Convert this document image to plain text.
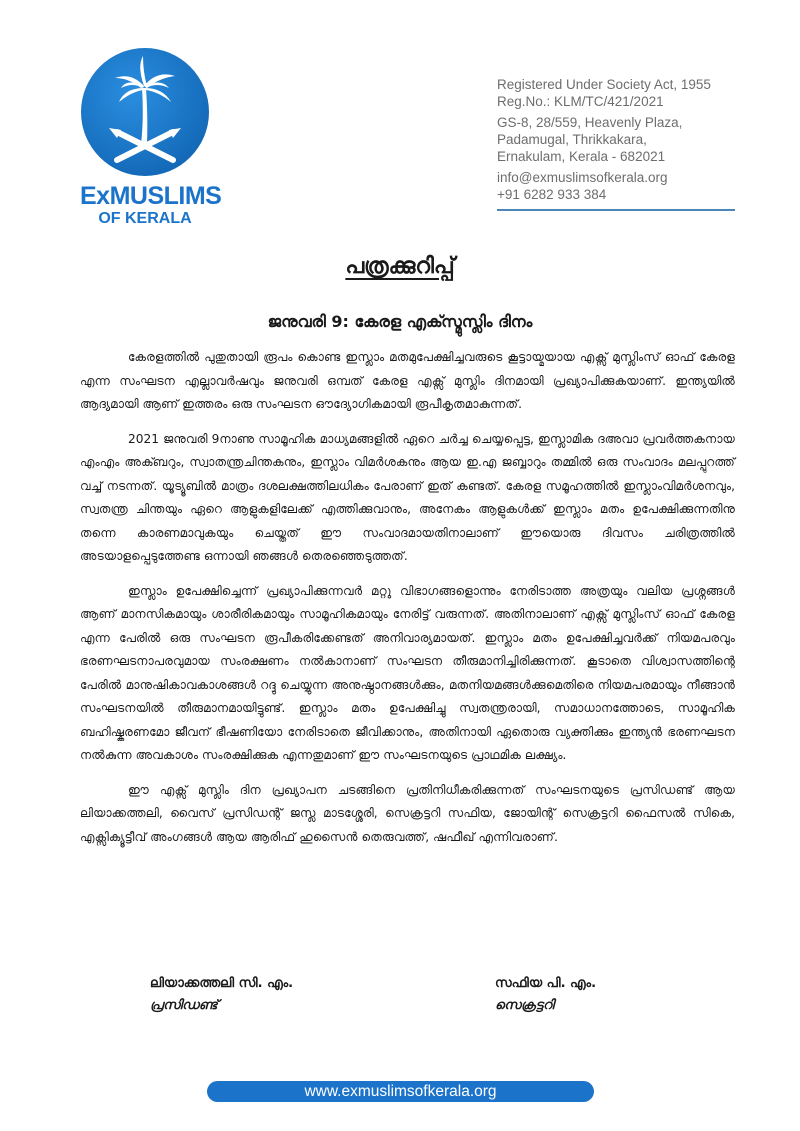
ExMUSLIMS
OF KERALA
Registered Under Society Act, 1955
Reg.No.: KLM/TC/421/2021
GS-8, 28/559, Heavenly Plaza,
Padamugal, Thrikkakara,
Ernakulam, Kerala - 682021
info@exmuslimsofkerala.org
+91 6282 933 384
പത്രക്കുറിപ്പ്
ജനുവരി 9: കേരള എക്സ്മുസ്ലിം ദിനം

കേരളത്തിൽ പുതുതായി രൂപം കൊണ്ട ഇസ്ലാം മതമുപേക്ഷിച്ചവരുടെ കൂട്ടായ്മയായ എക്സ് മുസ്ലിംസ് ഓഫ് കേരള എന്ന സംഘടന എല്ലാവർഷവും ജനുവരി ഒമ്പത് കേരള എക്സ് മുസ്ലിം ദിനമായി പ്രഖ്യാപിക്കുകയാണ്. ഇന്ത്യയിൽ ആദ്യമായി ആണ് ഇത്തരം ഒരു സംഘടന ഔദ്യോഗികമായി രൂപീകൃതമാകുന്നത്.

2021 ജനുവരി 9നാണു സാമൂഹിക മാധ്യമങ്ങളിൽ ഏറെ ചർച്ച ചെയ്യപ്പെട്ട, ഇസ്ലാമിക ദഅവാ പ്രവർത്തകനായ എംഎം അക്ബറും, സ്വാതന്ത്രചിന്തകനും, ഇസ്ലാം വിമർശകനും ആയ ഇ.എ ജബ്ബാറും തമ്മിൽ ഒരു സംവാദം മലപ്പുറത്ത് വച്ച് നടന്നത്. യൂട്യൂബിൽ മാത്രം ദശലക്ഷത്തിലധികം പേരാണ് ഇത് കണ്ടത്. കേരള സമൂഹത്തിൽ ഇസ്ലാംവിമർശനവും, സ്വതന്ത്ര ചിന്തയും ഏറെ ആളുകളിലേക്ക് എത്തിക്കുവാനും, അനേകം ആളുകൾക്ക് ഇസ്ലാം മതം ഉപേക്ഷിക്കുന്നതിനു തന്നെ കാരണമാവുകയും ചെയ്തത് ഈ സംവാദമായതിനാലാണ് ഈയൊരു ദിവസം ചരിത്രത്തിൽ അടയാളപ്പെടുത്തേണ്ട ഒന്നായി ഞങ്ങൾ തെരഞ്ഞെടുത്തത്.

ഇസ്ലാം ഉപേക്ഷിച്ചെന്ന് പ്രഖ്യാപിക്കുന്നവർ മറ്റു വിഭാഗങ്ങളൊന്നും നേരിടാത്ത അത്രയും വലിയ പ്രശ്നങ്ങൾ ആണ് മാനസികമായും ശാരീരികമായും സാമൂഹികമായും നേരിട്ട് വരുന്നത്. അതിനാലാണ് എക്സ് മുസ്ലിംസ് ഓഫ് കേരള എന്ന പേരിൽ ഒരു സംഘടന രൂപീകരിക്കേണ്ടത് അനിവാര്യമായത്. ഇസ്ലാം മതം ഉപേക്ഷിച്ചവർക്ക് നിയമപരവും ഭരണഘടനാപരവുമായ സംരക്ഷണം നൽകാനാണ് സംഘടന തീരുമാനിച്ചിരിക്കുന്നത്. കൂടാതെ വിശ്വാസത്തിന്റെ പേരിൽ മാനുഷികാവകാശങ്ങൾ റദ്ദു ചെയ്യുന്ന അനുഷ്ഠാനങ്ങൾക്കും, മതനിയമങ്ങൾക്കുമെതിരെ നിയമപരമായും നീങ്ങാൻ സംഘടനയിൽ തീരുമാനമായിട്ടുണ്ട്. ഇസ്ലാം മതം ഉപേക്ഷിച്ചു സ്വതന്ത്രരായി, സമാധാനത്തോടെ, സാമൂഹിക ബഹിഷ്കരണമോ ജീവന് ഭീഷണിയോ നേരിടാതെ ജീവിക്കാനും, അതിനായി ഏതൊരു വ്യക്തിക്കും ഇന്ത്യൻ ഭരണഘടന നൽകുന്ന അവകാശം സംരക്ഷിക്കുക എന്നതുമാണ് ഈ സംഘടനയുടെ പ്രാഥമിക ലക്ഷ്യം.

ഈ എക്സ് മുസ്ലിം ദിന പ്രഖ്യാപന ചടങ്ങിനെ പ്രതിനിധീകരിക്കുന്നത് സംഘടനയുടെ പ്രസിഡണ്ട് ആയ ലിയാക്കത്തലി, വൈസ് പ്രസിഡന്റ് ജസ്ല മാടശ്ശേരി, സെക്രട്ടറി സഫിയ, ജോയിന്റ് സെക്രട്ടറി ഫൈസൽ സികെ, എക്സിക്യൂട്ടീവ് അംഗങ്ങൾ ആയ ആരിഫ് ഹുസൈൻ തെരുവത്ത്, ഷഫീഖ് എന്നിവരാണ്.

ലിയാക്കത്തലി സി. എം.
പ്രസിഡണ്ട്
സഫിയ പി. എം.
സെക്രട്ടറി
www.exmuslimsofkerala.org
